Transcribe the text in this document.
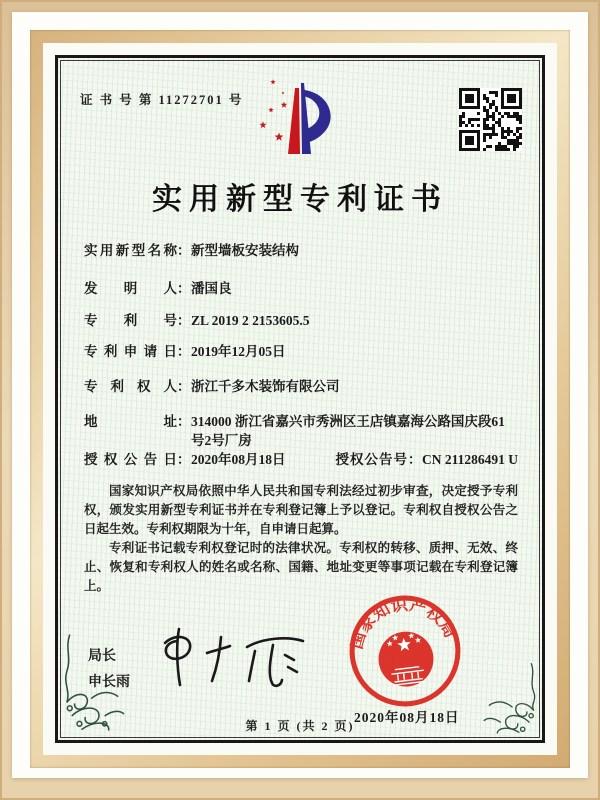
证 书 号 第 11272701 号
实用新型专利证书
实用新型名称 ： 新型墙板安装结构
发明人 ： 潘国良
专利号 ： ZL 2019 2 2153605.5
专利申请日 ： 2019年12月05日
专利权人 ： 浙江千多木装饰有限公司
地址 ： 314000 浙江省嘉兴市秀洲区王店镇嘉海公路国庆段61号2号厂房
授权公告日 ： 2020年08月18日	授权公告号 ： CN 211286491 U

国家知识产权局依照中华人民共和国专利法经过初步审查，决定授予专利权，颁发实用新型专利证书并在专利登记簿上予以登记。专利权自授权公告之日起生效。专利权期限为十年，自申请日起算。

专利证书记载专利权登记时的法律状况。专利权的转移、质押、无效、终止、恢复和专利权人的姓名或名称、国籍、地址变更等事项记载在专利登记簿上。

局长
申长雨
国家知识产权局
2020年08月18日
第 1 页 (共 2 页)
